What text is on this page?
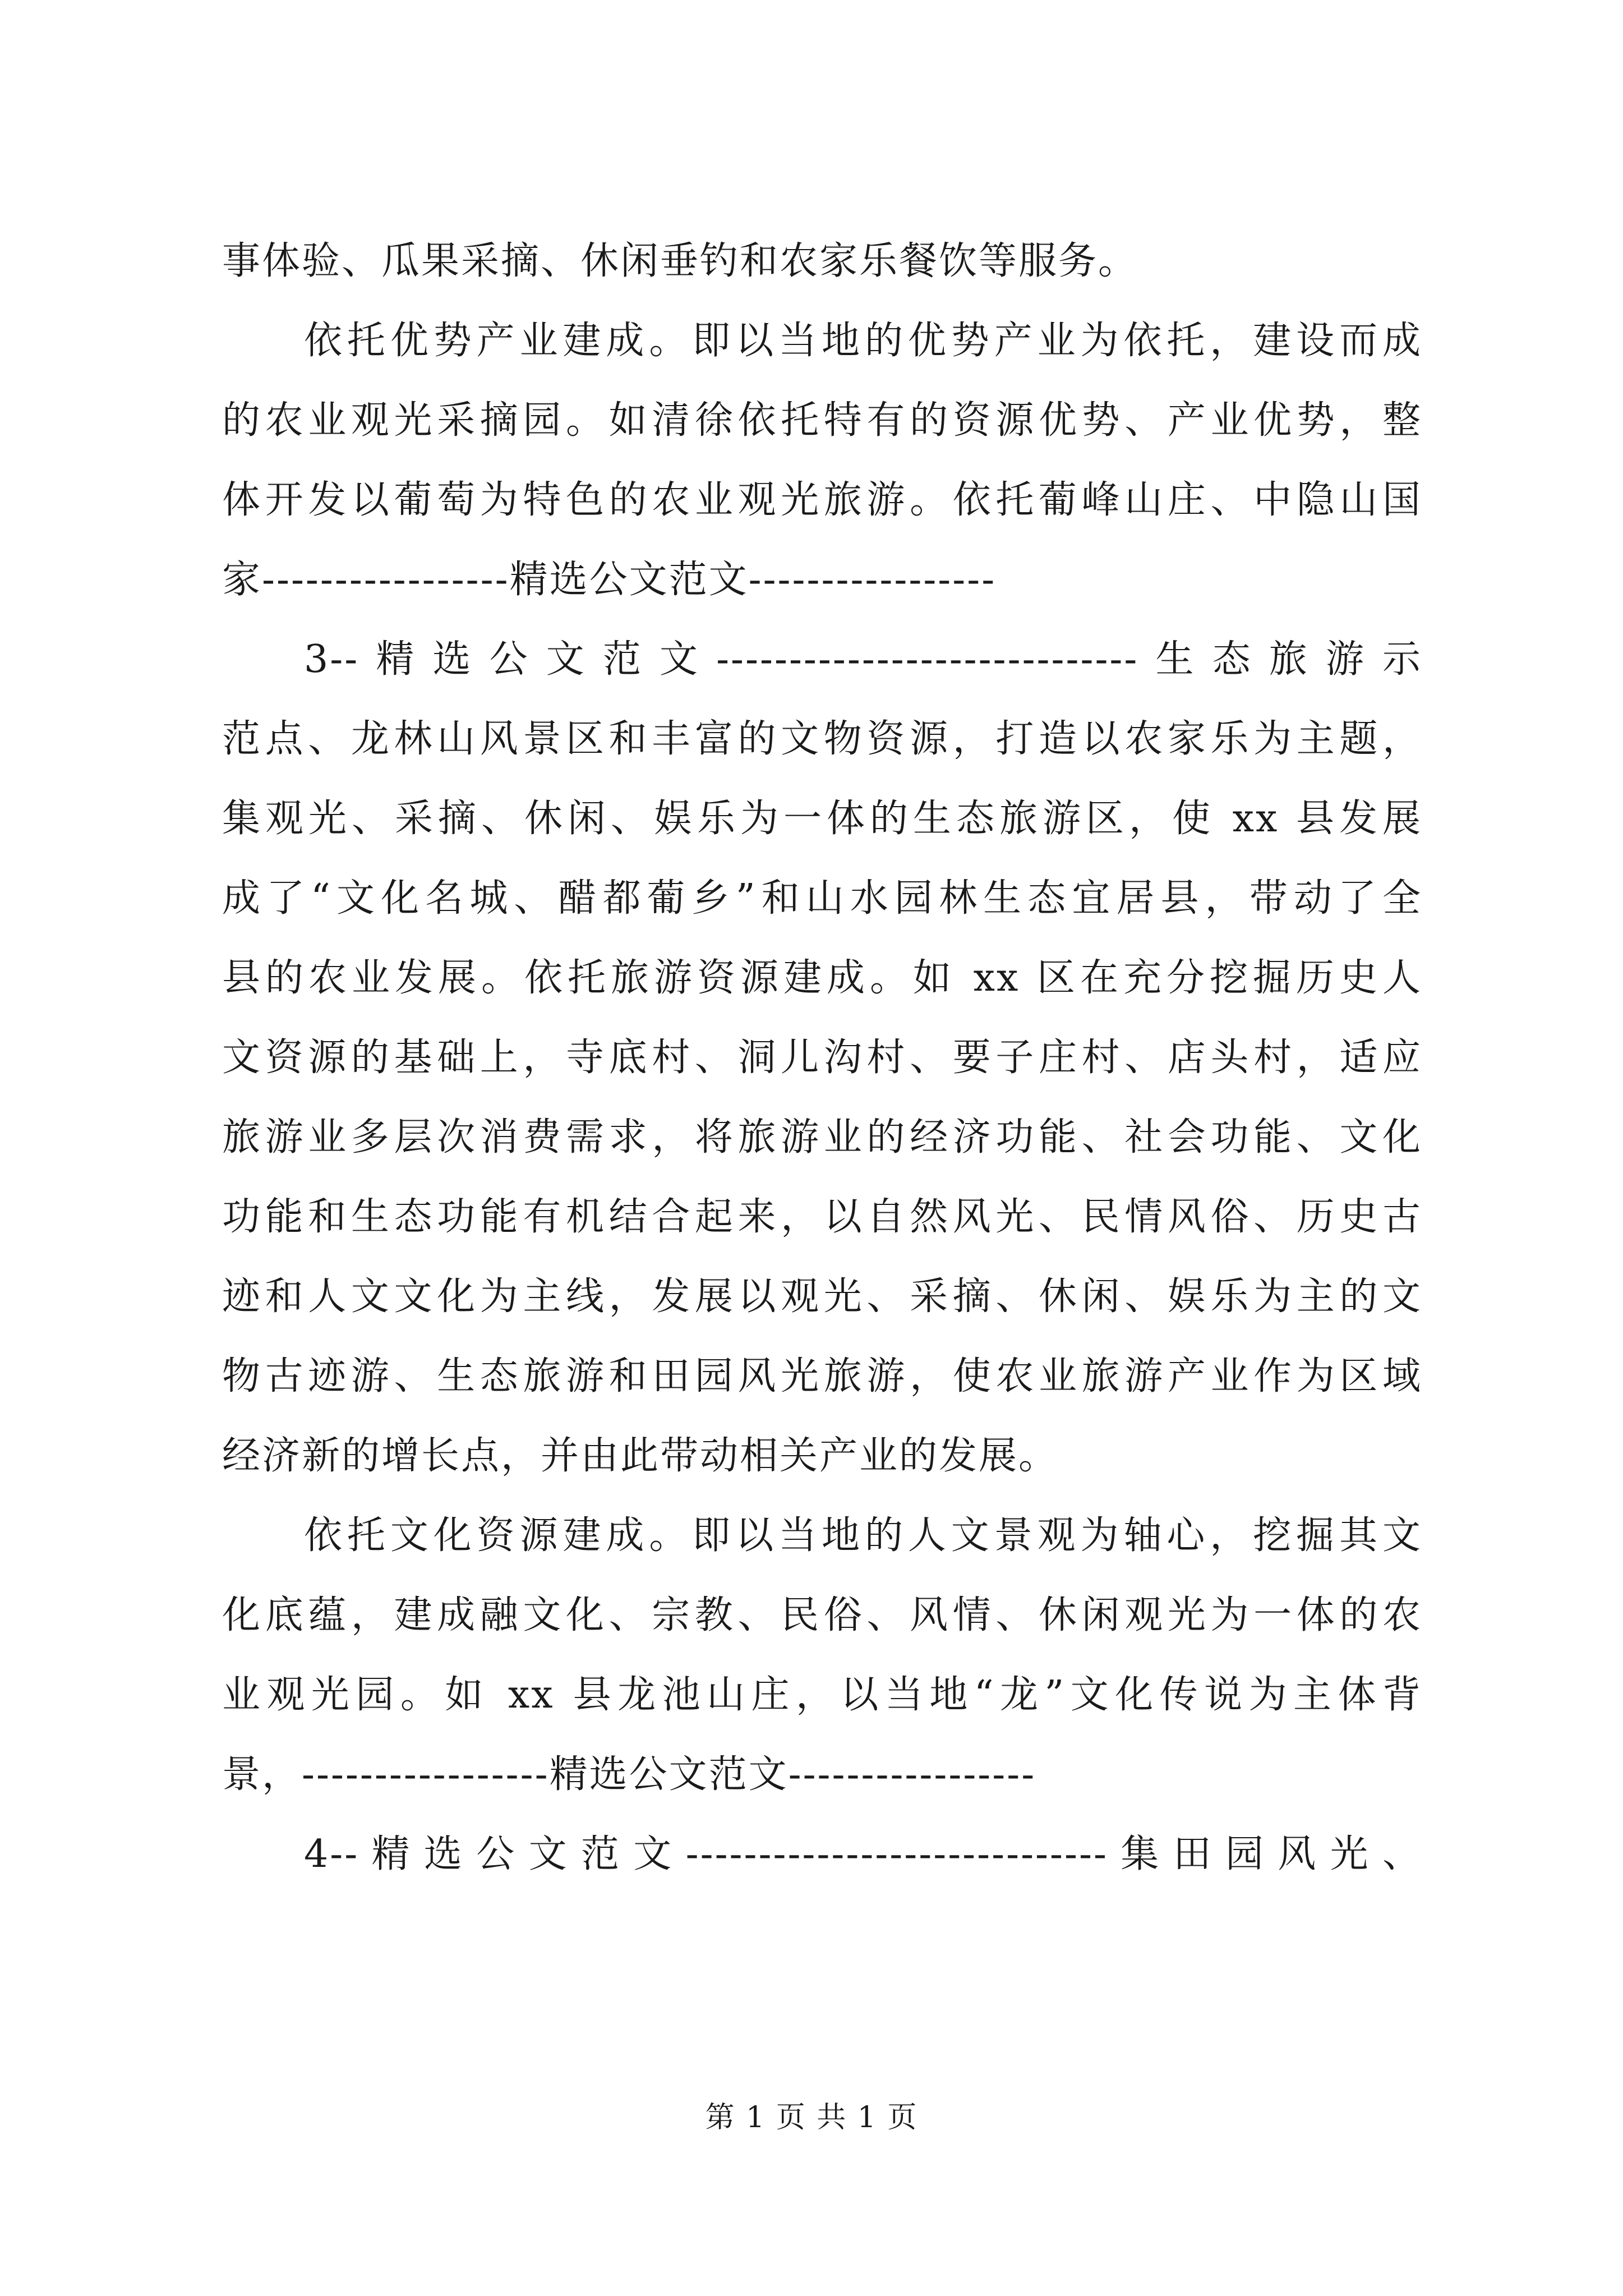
事体验、瓜果采摘、休闲垂钓和农家乐餐饮等服务。
依托优势产业建成。即以当地的优势产业为依托，建设而成
的农业观光采摘园。如清徐依托特有的资源优势、产业优势，整
体开发以葡萄为特色的农业观光旅游。依托葡峰山庄、中隐山国
家-----------------精选公文范文-----------------
3--精选公文范文-----------------------------生态旅游示
范点、龙林山风景区和丰富的文物资源，打造以农家乐为主题，
集观光、采摘、休闲、娱乐为一体的生态旅游区，使 xx 县发展
成了“文化名城、醋都葡乡”和山水园林生态宜居县，带动了全
县的农业发展。依托旅游资源建成。如 xx 区在充分挖掘历史人
文资源的基础上，寺底村、洞儿沟村、要子庄村、店头村，适应
旅游业多层次消费需求，将旅游业的经济功能、社会功能、文化
功能和生态功能有机结合起来，以自然风光、民情风俗、历史古
迹和人文文化为主线，发展以观光、采摘、休闲、娱乐为主的文
物古迹游、生态旅游和田园风光旅游，使农业旅游产业作为区域
经济新的增长点，并由此带动相关产业的发展。
依托文化资源建成。即以当地的人文景观为轴心，挖掘其文
化底蕴，建成融文化、宗教、民俗、风情、休闲观光为一体的农
业观光园。如 xx 县龙池山庄，以当地“龙”文化传说为主体背
景，-----------------精选公文范文-----------------
4--精选公文范文-----------------------------集田园风光、
第 1 页 共 1 页
